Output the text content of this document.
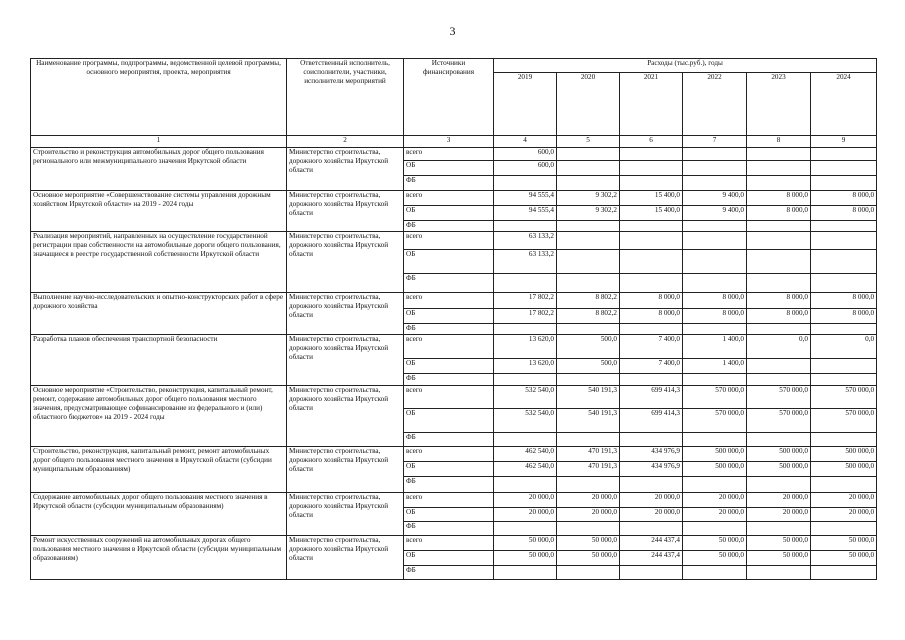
3
Наименование программы, подпрограммы, ведомственной целевой программы, основного мероприятия, проекта, мероприятия	Ответственный исполнитель, соисполнители, участники, исполнители мероприятий	Источники финансирования	Расходы (тыс.руб.), годы					
			2019	2020	2021	2022	2023	2024
1	2	3	4	5	6	7	8	9
Строительство и реконструкция автомобильных дорог общего пользования регионального или межмуниципального значения Иркутской области	Министерство строительства, дорожного хозяйства Иркутской области	всего	600,0					
		ОБ	600,0					
		ФБ						
Основное мероприятие «Совершенствование системы управления дорожным хозяйством Иркутской области» на 2019 - 2024 годы	Министерство строительства, дорожного хозяйства Иркутской области	всего	94 555,4	9 302,2	15 400,0	9 400,0	8 000,0	8 000,0
		ОБ	94 555,4	9 302,2	15 400,0	9 400,0	8 000,0	8 000,0
		ФБ						
Реализация мероприятий, направленных на осуществление государственной регистрации прав собственности на автомобильные дороги общего пользования, значащиеся в реестре государственной собственности Иркутской области	Министерство строительства, дорожного хозяйства Иркутской области	всего	63 133,2					
		ОБ	63 133,2					
		ФБ						
Выполнение научно-исследовательских и опытно-конструкторских работ в сфере дорожного хозяйства	Министерство строительства, дорожного хозяйства Иркутской области	всего	17 802,2	8 802,2	8 000,0	8 000,0	8 000,0	8 000,0
		ОБ	17 802,2	8 802,2	8 000,0	8 000,0	8 000,0	8 000,0
		ФБ						
Разработка планов обеспечения транспортной безопасности	Министерство строительства, дорожного хозяйства Иркутской области	всего	13 620,0	500,0	7 400,0	1 400,0	0,0	0,0
		ОБ	13 620,0	500,0	7 400,0	1 400,0		
		ФБ						
Основное мероприятие «Строительство, реконструкция, капитальный ремонт, ремонт, содержание автомобильных дорог общего пользования местного значения, предусматривающее софинансирование из федерального и (или) областного бюджетов» на 2019 - 2024 годы	Министерство строительства, дорожного хозяйства Иркутской области	всего	532 540,0	540 191,3	699 414,3	570 000,0	570 000,0	570 000,0
		ОБ	532 540,0	540 191,3	699 414,3	570 000,0	570 000,0	570 000,0
		ФБ						
Строительство, реконструкция, капитальный ремонт, ремонт автомобильных дорог общего пользования местного значения в Иркутской области (субсидии муниципальным образованиям)	Министерство строительства, дорожного хозяйства Иркутской области	всего	462 540,0	470 191,3	434 976,9	500 000,0	500 000,0	500 000,0
		ОБ	462 540,0	470 191,3	434 976,9	500 000,0	500 000,0	500 000,0
		ФБ						
Содержание автомобильных дорог общего пользования местного значения в Иркутской области (субсидии муниципальным образованиям)	Министерство строительства, дорожного хозяйства Иркутской области	всего	20 000,0	20 000,0	20 000,0	20 000,0	20 000,0	20 000,0
		ОБ	20 000,0	20 000,0	20 000,0	20 000,0	20 000,0	20 000,0
		ФБ						
Ремонт искусственных сооружений на автомобильных дорогах общего пользования местного значения в Иркутской области (субсидии муниципальным образованиям)	Министерство строительства, дорожного хозяйства Иркутской области	всего	50 000,0	50 000,0	244 437,4	50 000,0	50 000,0	50 000,0
		ОБ	50 000,0	50 000,0	244 437,4	50 000,0	50 000,0	50 000,0
		ФБ						
